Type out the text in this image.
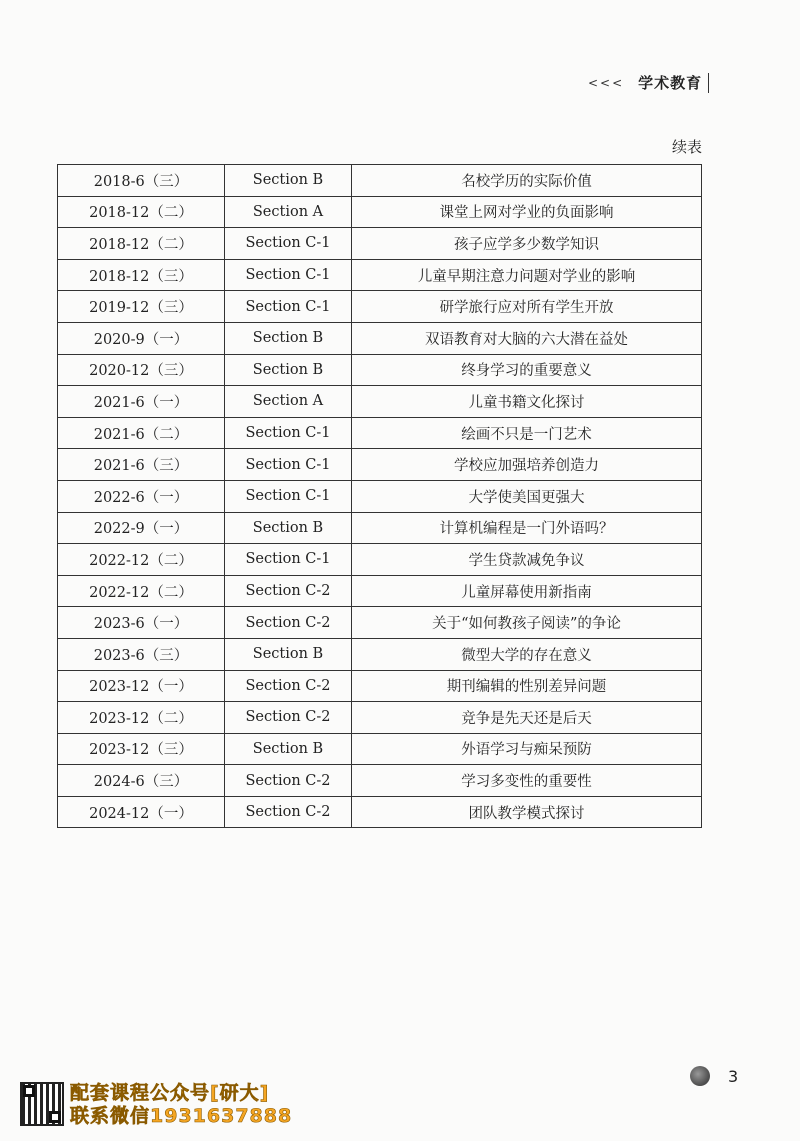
<<< 学术教育
续表
2018-6（三）	Section B	名校学历的实际价值
2018-12（二）	Section A	课堂上网对学业的负面影响
2018-12（二）	Section C-1	孩子应学多少数学知识
2018-12（三）	Section C-1	儿童早期注意力问题对学业的影响
2019-12（三）	Section C-1	研学旅行应对所有学生开放
2020-9（一）	Section B	双语教育对大脑的六大潜在益处
2020-12（三）	Section B	终身学习的重要意义
2021-6（一）	Section A	儿童书籍文化探讨
2021-6（二）	Section C-1	绘画不只是一门艺术
2021-6（三）	Section C-1	学校应加强培养创造力
2022-6（一）	Section C-1	大学使美国更强大
2022-9（一）	Section B	计算机编程是一门外语吗？
2022-12（二）	Section C-1	学生贷款减免争议
2022-12（二）	Section C-2	儿童屏幕使用新指南
2023-6（一）	Section C-2	关于“如何教孩子阅读”的争论
2023-6（三）	Section B	微型大学的存在意义
2023-12（一）	Section C-2	期刊编辑的性别差异问题
2023-12（二）	Section C-2	竞争是先天还是后天
2023-12（三）	Section B	外语学习与痴呆预防
2024-6（三）	Section C-2	学习多变性的重要性
2024-12（一）	Section C-2	团队教学模式探讨
3
配套课程公众号[研大]
联系微信1931637888
